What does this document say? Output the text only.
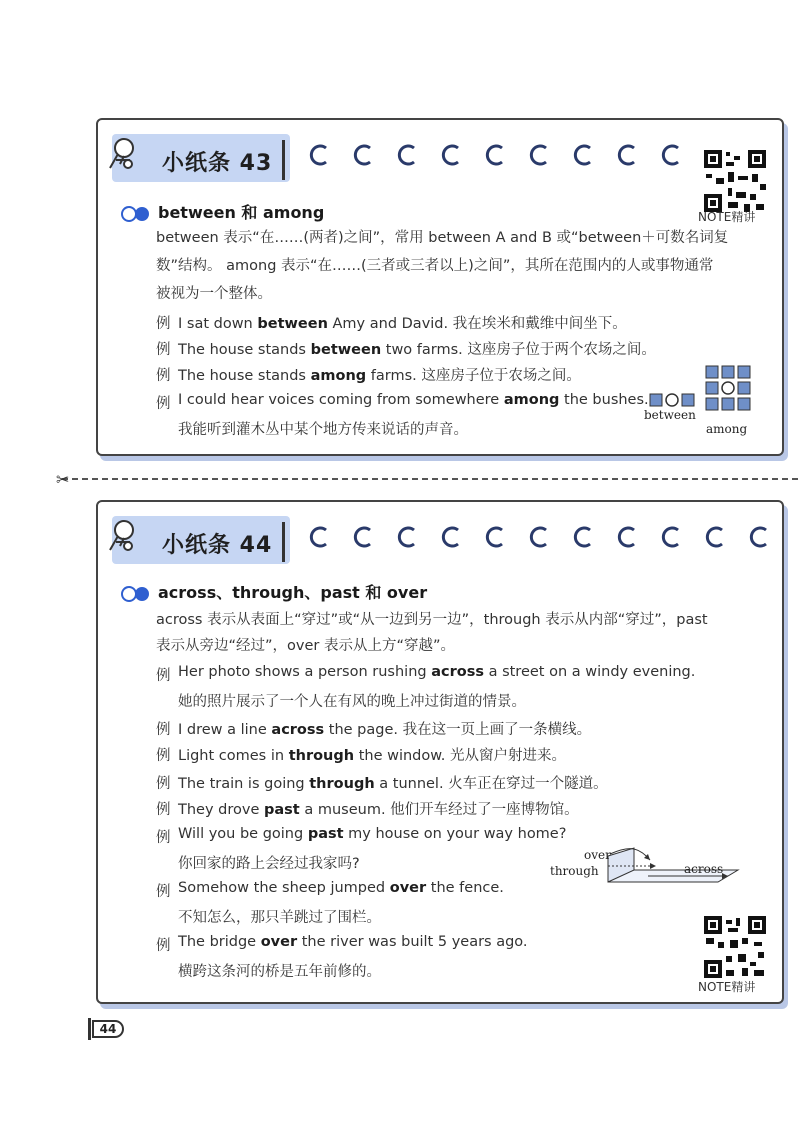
小纸条 43
NOTE精讲
between 和 among
between 表示“在……(两者)之间”，常用 between A and B 或“between＋可数名词复
数”结构。 among 表示“在……(三者或三者以上)之间”，其所在范围内的人或事物通常
被视为一个整体。
例 I sat down between Amy and David. 我在埃米和戴维中间坐下。
例 The house stands between two farms. 这座房子位于两个农场之间。
例 The house stands among farms. 这座房子位于农场之间。
例 I could hear voices coming from somewhere among the bushes.
我能听到灌木丛中某个地方传来说话的声音。
between
among
✂
小纸条 44
across、through、past 和 over
across 表示从表面上“穿过”或“从一边到另一边”，through 表示从内部“穿过”，past
表示从旁边“经过”，over 表示从上方“穿越”。
例 Her photo shows a person rushing across a street on a windy evening.
她的照片展示了一个人在有风的晚上冲过街道的情景。
例 I drew a line across the page. 我在这一页上画了一条横线。
例 Light comes in through the window. 光从窗户射进来。
例 The train is going through a tunnel. 火车正在穿过一个隧道。
例 They drove past a museum. 他们开车经过了一座博物馆。
例 Will you be going past my house on your way home?
你回家的路上会经过我家吗?
例 Somehow the sheep jumped over the fence.
不知怎么，那只羊跳过了围栏。
例 The bridge over the river was built 5 years ago.
横跨这条河的桥是五年前修的。
over
through	across
NOTE精讲
44
